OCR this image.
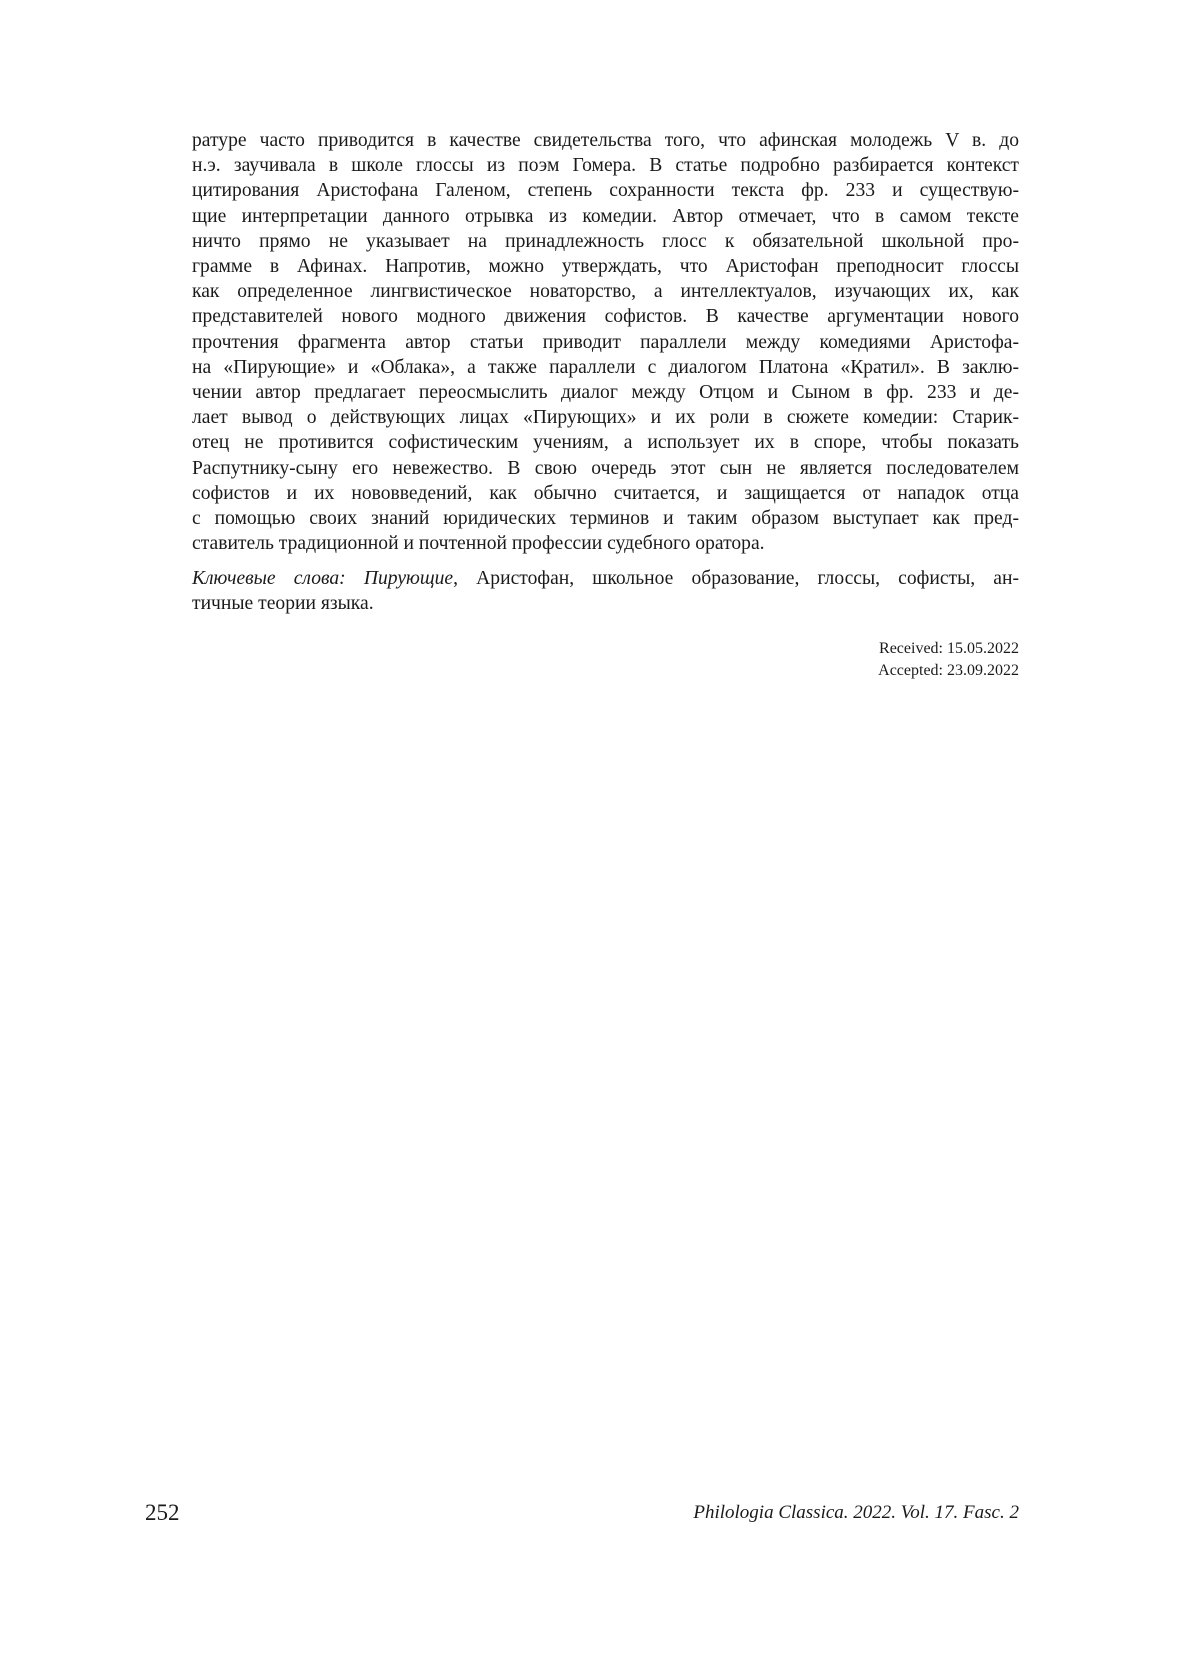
ратуре часто приводится в качестве свидетельства того, что афинская молодежь V в. до
н.э. заучивала в школе глоссы из поэм Гомера. В статье подробно разбирается контекст
цитирования Аристофана Галеном, степень сохранности текста фр. 233 и существую-
щие интерпретации данного отрывка из комедии. Автор отмечает, что в самом тексте
ничто прямо не указывает на принадлежность глосс к обязательной школьной про-
грамме в Афинах. Напротив, можно утверждать, что Аристофан преподносит глоссы
как определенное лингвистическое новаторство, а интеллектуалов, изучающих их, как
представителей нового модного движения софистов. В качестве аргументации нового
прочтения фрагмента автор статьи приводит параллели между комедиями Аристофа-
на «Пирующие» и «Облака», а также параллели с диалогом Платона «Кратил». В заклю-
чении автор предлагает переосмыслить диалог между Отцом и Сыном в фр. 233 и де-
лает вывод о действующих лицах «Пирующих» и их роли в сюжете комедии: Старик-
отец не противится софистическим учениям, а использует их в споре, чтобы показать
Распутнику-сыну его невежество. В свою очередь этот сын не является последователем
софистов и их нововведений, как обычно считается, и защищается от нападок отца
с помощью своих знаний юридических терминов и таким образом выступает как пред-
ставитель традиционной и почтенной профессии судебного оратора.
Ключевые слова: Пирующие, Аристофан, школьное образование, глоссы, софисты, ан-
тичные теории языка.
Received: 15.05.2022
Accepted: 23.09.2022
252	Philologia Classica. 2022. Vol. 17. Fasc. 2
